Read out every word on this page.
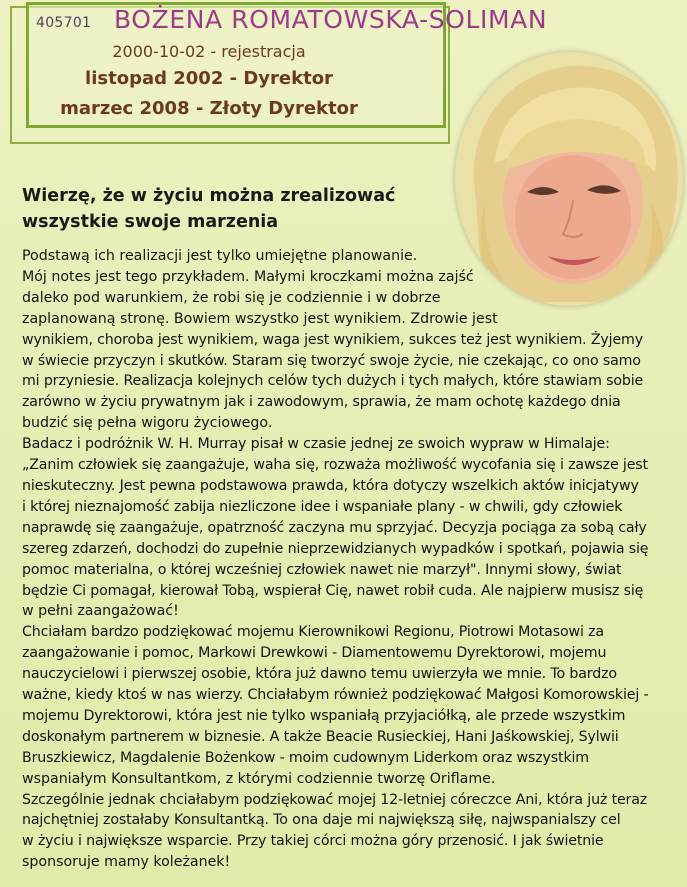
405701 BOŻENA ROMATOWSKA-SOLIMAN
2000-10-02 - rejestracja
listopad 2002 - Dyrektor
marzec 2008 - Złoty Dyrektor
Wierzę, że w życiu można zrealizować
wszystkie swoje marzenia
Podstawą ich realizacji jest tylko umiejętne planowanie.
Mój notes jest tego przykładem. Małymi kroczkami można zajść
daleko pod warunkiem, że robi się je codziennie i w dobrze
zaplanowaną stronę. Bowiem wszystko jest wynikiem. Zdrowie jest
wynikiem, choroba jest wynikiem, waga jest wynikiem, sukces też jest wynikiem. Żyjemy
w świecie przyczyn i skutków. Staram się tworzyć swoje życie, nie czekając, co ono samo
mi przyniesie. Realizacja kolejnych celów tych dużych i tych małych, które stawiam sobie
zarówno w życiu prywatnym jak i zawodowym, sprawia, że mam ochotę każdego dnia
budzić się pełna wigoru życiowego.
Badacz i podróżnik W. H. Murray pisał w czasie jednej ze swoich wypraw w Himalaje:
„Zanim człowiek się zaangażuje, waha się, rozważa możliwość wycofania się i zawsze jest
nieskuteczny. Jest pewna podstawowa prawda, która dotyczy wszelkich aktów inicjatywy
i której nieznajomość zabija niezliczone idee i wspaniałe plany - w chwili, gdy człowiek
naprawdę się zaangażuje, opatrzność zaczyna mu sprzyjać. Decyzja pociąga za sobą cały
szereg zdarzeń, dochodzi do zupełnie nieprzewidzianych wypadków i spotkań, pojawia się
pomoc materialna, o której wcześniej człowiek nawet nie marzył". Innymi słowy, świat
będzie Ci pomagał, kierował Tobą, wspierał Cię, nawet robił cuda. Ale najpierw musisz się
w pełni zaangażować!
Chciałam bardzo podziękować mojemu Kierownikowi Regionu, Piotrowi Motasowi za
zaangażowanie i pomoc, Markowi Drewkowi - Diamentowemu Dyrektorowi, mojemu
nauczycielowi i pierwszej osobie, która już dawno temu uwierzyła we mnie. To bardzo
ważne, kiedy ktoś w nas wierzy. Chciałabym również podziękować Małgosi Komorowskiej -
mojemu Dyrektorowi, która jest nie tylko wspaniałą przyjaciółką, ale przede wszystkim
doskonałym partnerem w biznesie. A także Beacie Rusieckiej, Hani Jaśkowskiej, Sylwii
Bruszkiewicz, Magdalenie Bożenkow - moim cudownym Liderkom oraz wszystkim
wspaniałym Konsultantkom, z którymi codziennie tworzę Oriflame.
Szczególnie jednak chciałabym podziękować mojej 12-letniej córeczce Ani, która już teraz
najchętniej zostałaby Konsultantką. To ona daje mi największą siłę, najwspanialszy cel
w życiu i największe wsparcie. Przy takiej córci można góry przenosić. I jak świetnie
sponsoruje mamy koleżanek!
